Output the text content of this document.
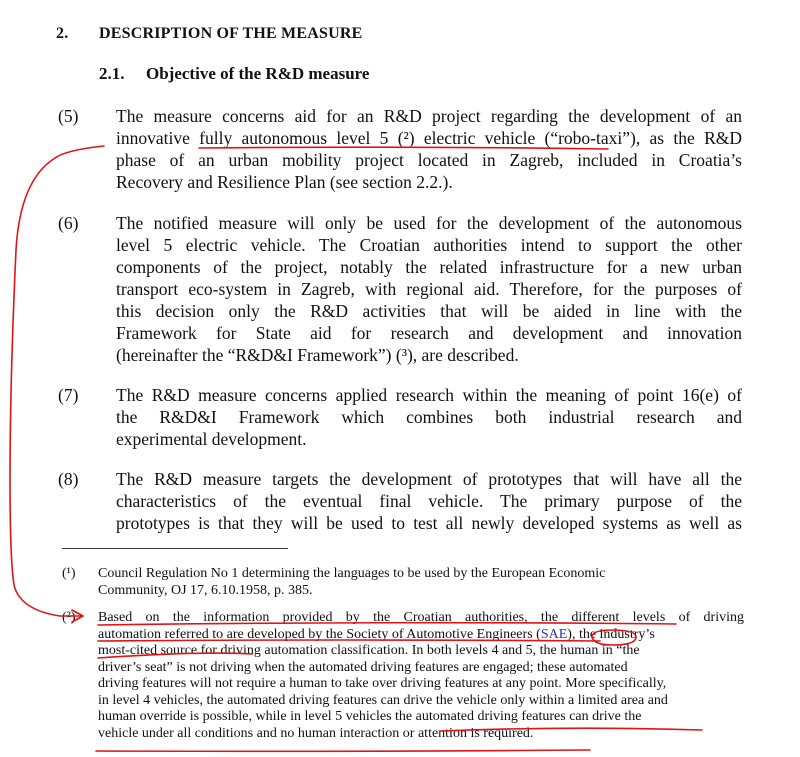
2. DESCRIPTION OF THE MEASURE
2.1. Objective of the R&D measure
(5) The measure concerns aid for an R&D project regarding the development of an
innovative fully autonomous level 5 (²) electric vehicle (“robo-taxi”), as the R&D
phase of an urban mobility project located in Zagreb, included in Croatia’s
Recovery and Resilience Plan (see section 2.2.).
(6) The notified measure will only be used for the development of the autonomous
level 5 electric vehicle. The Croatian authorities intend to support the other
components of the project, notably the related infrastructure for a new urban
transport eco-system in Zagreb, with regional aid. Therefore, for the purposes of
this decision only the R&D activities that will be aided in line with the
Framework for State aid for research and development and innovation
(hereinafter the “R&D&I Framework”) (³), are described.
(7) The R&D measure concerns applied research within the meaning of point 16(e) of
the R&D&I Framework which combines both industrial research and
experimental development.
(8) The R&D measure targets the development of prototypes that will have all the
characteristics of the eventual final vehicle. The primary purpose of the
prototypes is that they will be used to test all newly developed systems as well as
(¹) Council Regulation No 1 determining the languages to be used by the European Economic
Community, OJ 17, 6.10.1958, p. 385.
(²) Based on the information provided by the Croatian authorities, the different levels of driving
automation referred to are developed by the Society of Automotive Engineers (SAE), the industry’s
most-cited source for driving automation classification. In both levels 4 and 5, the human in “the
driver’s seat” is not driving when the automated driving features are engaged; these automated
driving features will not require a human to take over driving features at any point. More specifically,
in level 4 vehicles, the automated driving features can drive the vehicle only within a limited area and
human override is possible, while in level 5 vehicles the automated driving features can drive the
vehicle under all conditions and no human interaction or attention is required.
